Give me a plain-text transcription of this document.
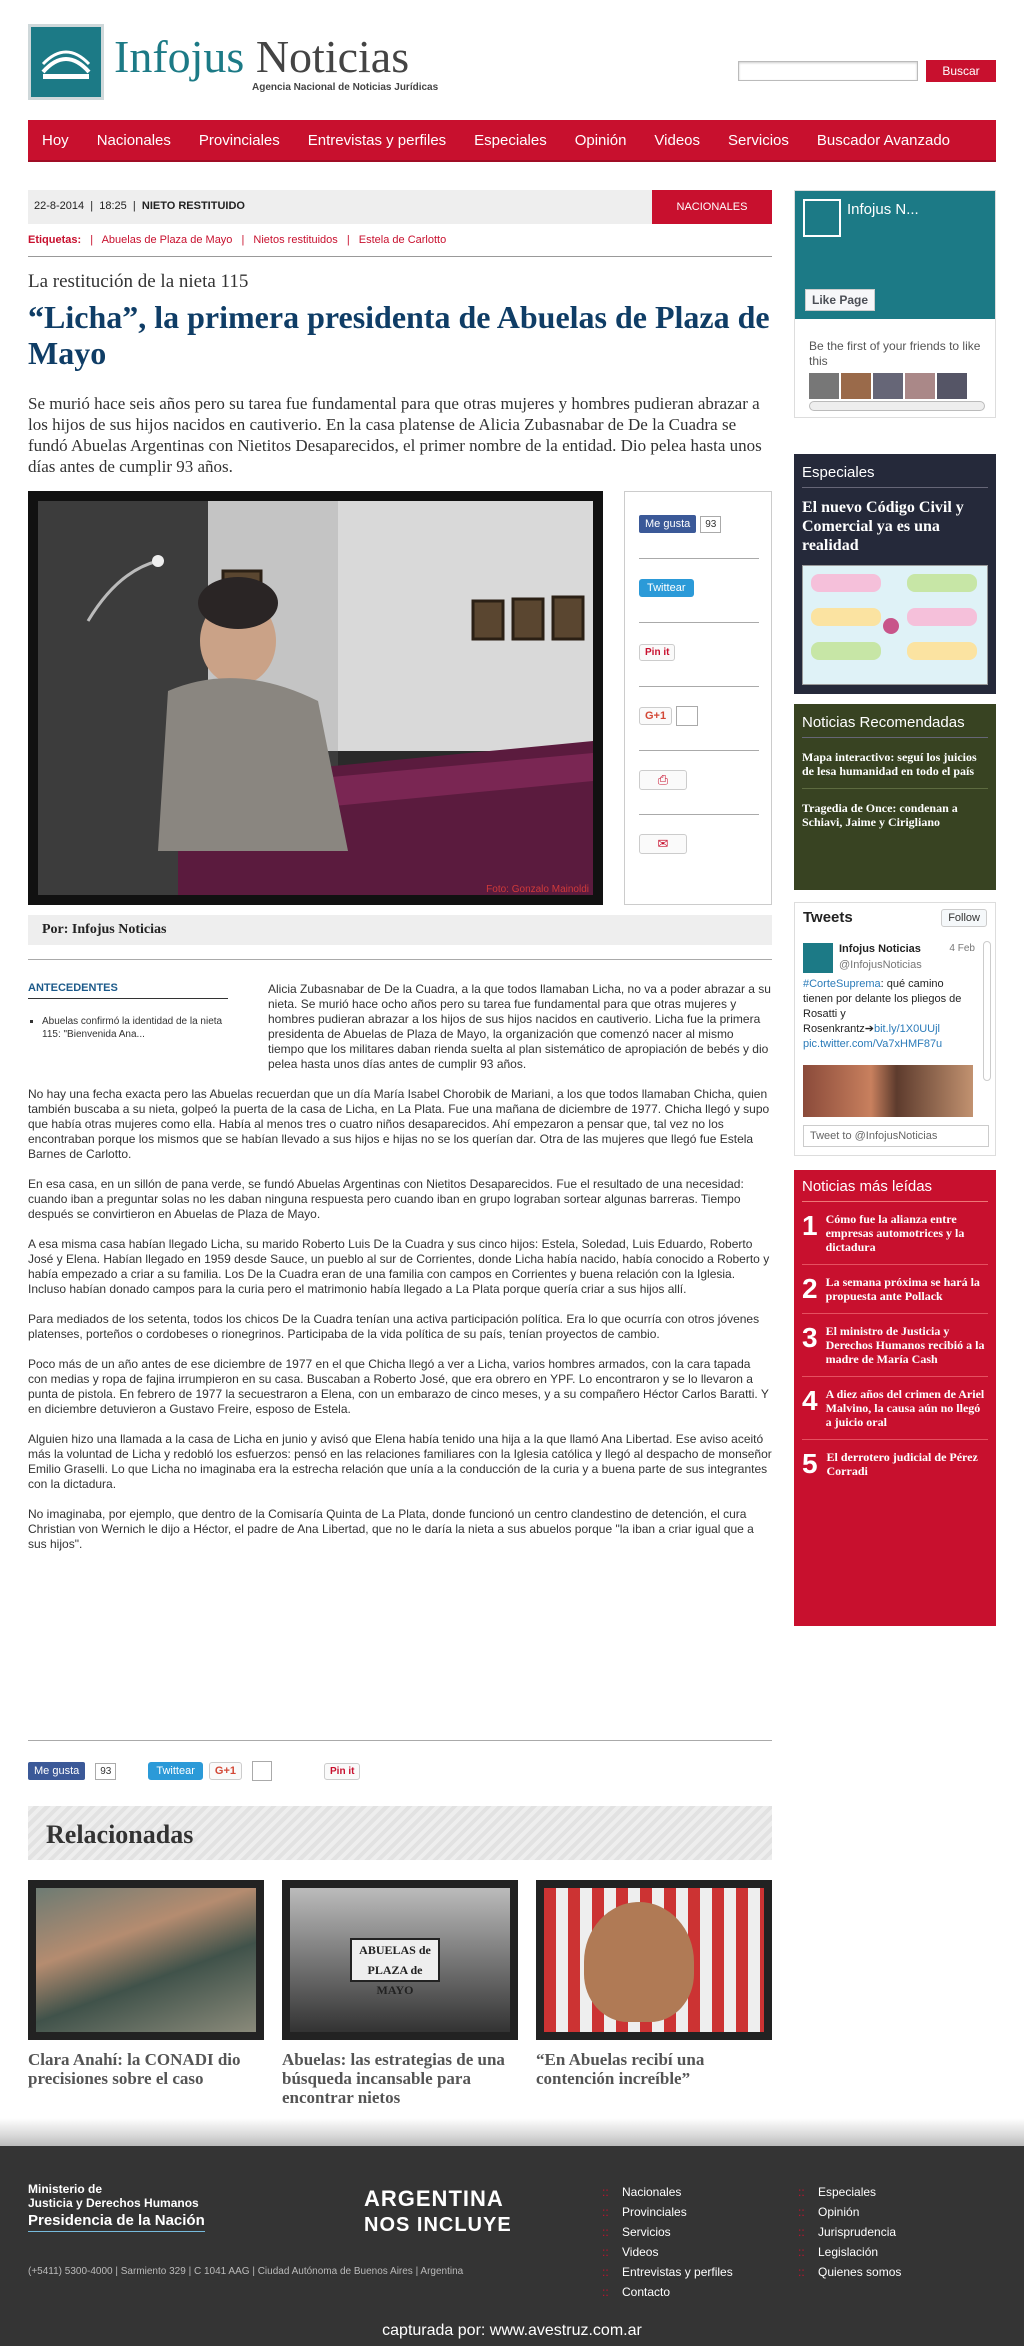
Infojus Noticias
Agencia Nacional de Noticias Jurídicas
Buscar
Hoy	Nacionales	Provinciales	Entrevistas y perfiles	Especiales	Opinión	Videos	Servicios	Buscador Avanzado
22-8-2014  |  18:25  |  NIETO RESTITUIDO	NACIONALES
Etiquetas: | Abuelas de Plaza de Mayo | Nietos restituidos | Estela de Carlotto
La restitución de la nieta 115
“Licha”, la primera presidenta de Abuelas de Plaza de Mayo
Se murió hace seis años pero su tarea fue fundamental para que otras mujeres y hombres pudieran abrazar a los hijos de sus hijos nacidos en cautiverio. En la casa platense de Alicia Zubasnabar de De la Cuadra se fundó Abuelas Argentinas con Nietitos Desaparecidos, el primer nombre de la entidad. Dio pelea hasta unos días antes de cumplir 93 años.
Foto: Gonzalo Mainoldi
Me gusta	93
Twittear
Pin it
G+1
⎙
✉
Por: Infojus Noticias
ANTECEDENTES
▪ Abuelas confirmó la identidad de la nieta 115: "Bienvenida Ana...

Alicia Zubasnabar de De la Cuadra, a la que todos llamaban Licha, no va a poder abrazar a su nieta. Se murió hace ocho años pero su tarea fue fundamental para que otras mujeres y hombres pudieran abrazar a los hijos de sus hijos nacidos en cautiverio. Licha fue la primera presidenta de Abuelas de Plaza de Mayo, la organización que comenzó nacer al mismo tiempo que los militares daban rienda suelta al plan sistemático de apropiación de bebés y dio pelea hasta unos días antes de cumplir 93 años.

No hay una fecha exacta pero las Abuelas recuerdan que un día María Isabel Chorobik de Mariani, a los que todos llamaban Chicha, quien también buscaba a su nieta, golpeó la puerta de la casa de Licha, en La Plata. Fue una mañana de diciembre de 1977. Chicha llegó y supo que había otras mujeres como ella. Había al menos tres o cuatro niños desaparecidos. Ahí empezaron a pensar que, tal vez no los encontraban porque los mismos que se habían llevado a sus hijos e hijas no se los querían dar. Otra de las mujeres que llegó fue Estela Barnes de Carlotto.

En esa casa, en un sillón de pana verde, se fundó Abuelas Argentinas con Nietitos Desaparecidos. Fue el resultado de una necesidad: cuando iban a preguntar solas no les daban ninguna respuesta pero cuando iban en grupo lograban sortear algunas barreras. Tiempo después se convirtieron en Abuelas de Plaza de Mayo.

A esa misma casa habían llegado Licha, su marido Roberto Luis De la Cuadra y sus cinco hijos: Estela, Soledad, Luis Eduardo, Roberto José y Elena. Habían llegado en 1959 desde Sauce, un pueblo al sur de Corrientes, donde Licha había nacido, había conocido a Roberto y había empezado a criar a su familia. Los De la Cuadra eran de una familia con campos en Corrientes y buena relación con la Iglesia. Incluso habían donado campos para la curia pero el matrimonio había llegado a La Plata porque quería criar a sus hijos allí.

Para mediados de los setenta, todos los chicos De la Cuadra tenían una activa participación política. Era lo que ocurría con otros jóvenes platenses, porteños o cordobeses o rionegrinos. Participaba de la vida política de su país, tenían proyectos de cambio.

Poco más de un año antes de ese diciembre de 1977 en el que Chicha llegó a ver a Licha, varios hombres armados, con la cara tapada con medias y ropa de fajina irrumpieron en su casa. Buscaban a Roberto José, que era obrero en YPF. Lo encontraron y se lo llevaron a punta de pistola. En febrero de 1977 la secuestraron a Elena, con un embarazo de cinco meses, y a su compañero Héctor Carlos Baratti. Y en diciembre detuvieron a Gustavo Freire, esposo de Estela.

Alguien hizo una llamada a la casa de Licha en junio y avisó que Elena había tenido una hija a la que llamó Ana Libertad. Ese aviso aceitó más la voluntad de Licha y redobló los esfuerzos: pensó en las relaciones familiares con la Iglesia católica y llegó al despacho de monseñor Emilio Graselli. Lo que Licha no imaginaba era la estrecha relación que unía a la conducción de la curia y a buena parte de sus integrantes con la dictadura.

No imaginaba, por ejemplo, que dentro de la Comisaría Quinta de La Plata, donde funcionó un centro clandestino de detención, el cura Christian von Wernich le dijo a Héctor, el padre de Ana Libertad, que no le daría la nieta a sus abuelos porque "la iban a criar igual que a sus hijos".

Me gusta	93	Twittear	G+1	Pin it
Relacionadas
Clara Anahí: la CONADI dio precisiones sobre el caso
ABUELAS de PLAZA de MAYO
Abuelas: las estrategias de una búsqueda incansable para encontrar nietos
“En Abuelas recibí una contención increíble”
Infojus N...
Like Page
Be the first of your friends to like this
Especiales
El nuevo Código Civil y Comercial ya es una realidad
Noticias Recomendadas
Mapa interactivo: seguí los juicios de lesa humanidad en todo el país
Tragedia de Once: condenan a Schiavi, Jaime y Cirigliano
Tweets	Follow
Infojus Noticias
@InfojusNoticias
4 Feb
#CorteSuprema: qué camino tienen por delante los pliegos de Rosatti y Rosenkrantz➔bit.ly/1X0UUjl pic.twitter.com/Va7xHMF87u
Tweet to @InfojusNoticias
Noticias más leídas
1 Cómo fue la alianza entre empresas automotrices y la dictadura
2 La semana próxima se hará la propuesta ante Pollack
3 El ministro de Justicia y Derechos Humanos recibió a la madre de María Cash
4 A diez años del crimen de Ariel Malvino, la causa aún no llegó a juicio oral
5 El derrotero judicial de Pérez Corradi
Ministerio de
Justicia y Derechos Humanos
Presidencia de la Nación
ARGENTINA
NOS INCLUYE
(+5411) 5300-4000 | Sarmiento 329 | C 1041 AAG | Ciudad Autónoma de Buenos Aires | Argentina
::	Nacionales
::	Provinciales
::	Servicios
::	Videos
::	Entrevistas y perfiles
::	Contacto
::	Especiales
::	Opinión
::	Jurisprudencia
::	Legislación
::	Quienes somos
capturada por: www.avestruz.com.ar
